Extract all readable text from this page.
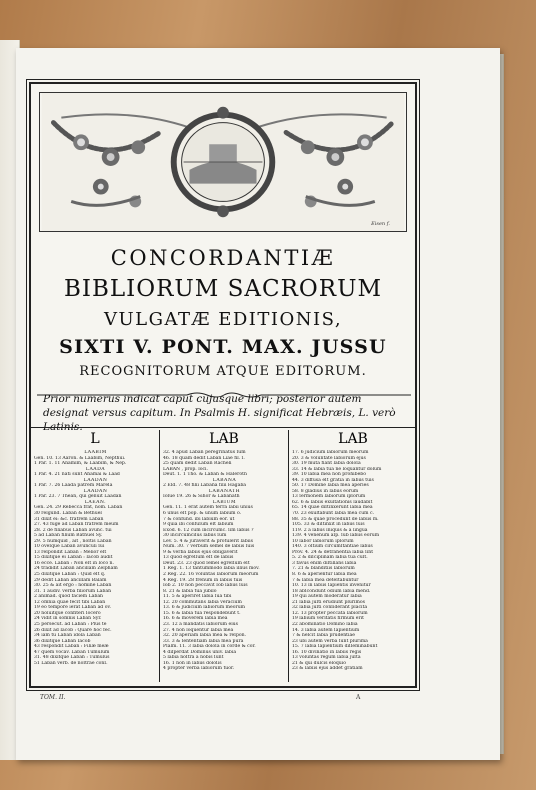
Eisen f.
CONCORDANTIÆ
BIBLIORUM SACRORUM
VULGATÆ EDITIONIS,
SIXTI V. PONT. MAX. JUSSU
RECOGNITORUM ATQUE EDITORUM.
Prior numerus indicat caput cujusque libri; posterior autem designat versus capitum. In Psalmis H. significat Hebræis, L. verò Latinis.
L	LAB	LAB
LAABIM
Gen. 10. 13 Aaron. & Laabim, Nepthui.
1 Par. 1. 11 Anamim, & Laabim, & Nep.
LAADA
1 Par. 4. 21 nati sunt Ahamai & Laad
LAADAN
1 Par. 7. 26 Laada patrem Mareſa
LAADAN
1 Par. 23. 7 Thean, qui genuit Laadan
LAEAN.
Gen. 24. 29 Rebecca frat, nom. Laban
30 relgund. Laban & Bethuel
31 dixit ei: &c. fratrem Laban
27. 43 fuge ad Laban fratrem meum
28. 2 de filiabus Laban avunc. tui
5 ad Laban filium Bathuel Sy.
29. 5 numquid , ait , noſtis Laban
10 oveſque Laban avunculi ſui
13 reſpondit Laban : Melior eſt
15 dixitque ei Laban : Iacob audit
16 ecce. Laban : Non eſt in loco n.
24 tradidit Laban ancillam Zelpham
25 dixitque Laban : Quid eſt q.
29 dedit Laban ancillam Balam
30. 25 & ait ergo : nomine Laban
31. 1 audiv. verba filiorum Laban
2 animad. quod faciem Laban
12 omnia quae fecit tibi Laban
19 eo tempore ierat Laban ad ov.
20 noluitque confiteri ſocero
24 vidit in somnis Laban Syr.
25 persecut. ad Laban : Plus te
26 dixit ad Iacob : Quare hoc fec.
34 iam tu Laban idola Laban
36 dixitque Laban Iacob
43 respondit Laban : Filiæ meæ
47 quem vocav. Laban Tumulum
31. 48 dixitque Laban : Tumulus
51 Laban verb. de noſtrae conſ.
32. 4 apud Laban peregrinatus ſum
46. 18 quam dedit Laban Liae fil. ſ.
25 quam dedit Laban Racheli
LABAN , prop. loci.
Deut. 1. 1 Tho. & Laban & Haſeroth
LABANA
2 Eſd. 7. 48 filii Labana filii Hagaba
LABANATH
Ioſue 19. 26 & Sihor & Labanath
LABIUM
Gen. 11. 1 erat autem terra labii unius
6 unus eſt pop. & unum labium o.
7 & confund. ibi labium eor. ut
9 quia ibi confuſum eſt labium
Exod. 6. 12 cum incircumc. ſim labiis ?
30 incircumciſus labiis ſum
Lev. 5. 4 & juraverit & protulerit labiis
Num. 30. 7 verbum semel de labiis ſuis
9 & verba labiis ejus obligaverit
13 quod egreſſum eſt de labiis
Deut. 23. 23 quod ſemel egreſſum eſt
1 Reg. 1. 13 tantummodo labia illius mov.
2 Reg. 22. 16 voluntas labiorum meorum
4 Reg. 19. 28 frenum in labiis tuis
Iob 2. 10 non peccavit Iob labiis ſuis
8. 21 & labia tua jubilo
11. 5 & aperiret labia ſua tibi
12. 20 commutans labia veracium
13. 6 & judicium labiorum meorum
15. 6 & labia tua respondebunt t.
16. 6 & moverem labia mea
23. 12 a mandatis labiorum eius
27. 4 non loquentur labia mea
32. 20 aperiam labia mea & reſpon.
33. 3 & ſententiam labia mea pura
Pſalm. 11. 3 labia doloſa in corde & cor.
4 diſperdat Dominus univ. labia
5 labia noſtra a nobis ſunt
16. 1 non in labiis doloſis
4 propter verba labiorum tuor.
17. 6 judicium labiorum meorum
20. 3 & voluntate labiorum ejus
30. 19 muta fiant labia doloſa
33. 14 & labia tua ne loquantur dolum
39. 10 labia mea non prohibebo
44. 3 diffusa eſt gratia in labiis tuis
50. 17 Domine labia mea aperies
58. 8 gladius in labiis eorum
13 ſermonem labiorum ipſorum
62. 6 & labiis exultationis laudabit
65. 14 quae diſtinxerunt labia mea
70. 23 exultabunt labia mea cum c.
88. 35 & quae procedunt de labiis m.
105. 33 & diſtinxit in labiis ſuis
119. 2 a labiis iniquis & a lingua
139. 4 venenum aſp. ſub labiis eorum
10 labor labiorum ipſorum
140. 3 oſtium circumſtantiae labiis
Prov. 4. 24 & detrahentia labia ſint
5. 2 & diſciplinam labia tua cuſt.
3 favus enim diſtillans labia
7. 21 & blanditiis labiorum
8. 6 & aperientur labia mea
7 & labia mea deteſtabuntur
10. 13 in labiis ſapientis invenitur
18 abſcondunt odium labia mend.
19 qui autem moderatur labia
21 labia juſti erudiunt plurimos
32 labia juſti conſiderant placita
12. 13 propter peccata labiorum
19 labium veritatis firmum erit
22 abominatio Domino labia
14. 3 labia autem ſapientium
7 & neſcit labia prudentiae
23 ubi autem verba ſunt plurima
15. 7 labia ſapientium diſſeminabunt
16. 10 divinatio in labiis regis
13 voluntas regum labia juſta
21 & qui dulcis eloquio
23 & labiis ejus addet gratiam
TOM. II.	A
